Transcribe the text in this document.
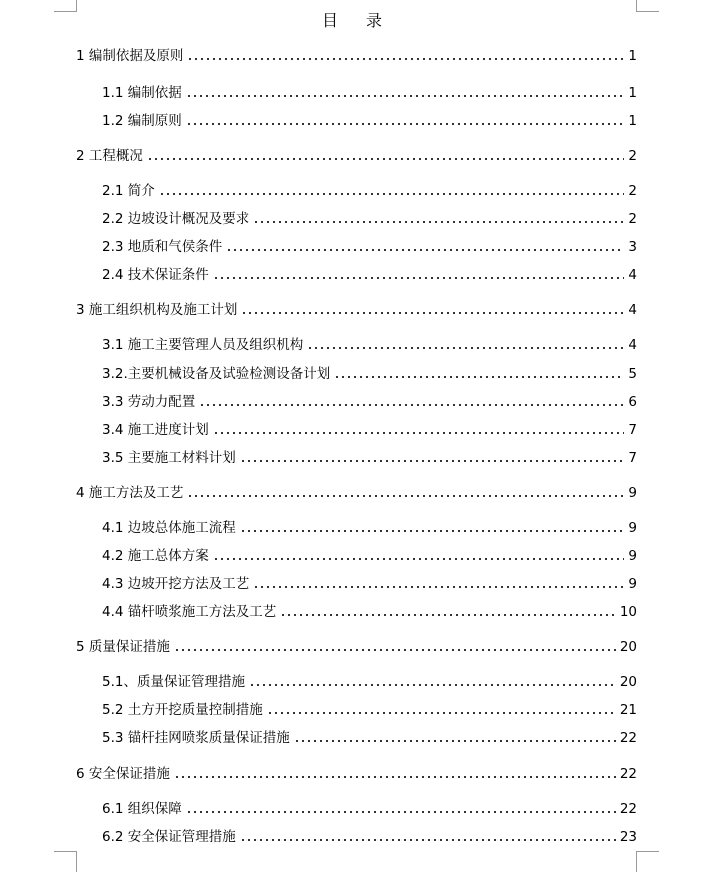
目录
1 编制依据及原则	1
1.1 编制依据	1
1.2 编制原则	1
2 工程概况	2
2.1 简介	2
2.2 边坡设计概况及要求	2
2.3 地质和气侯条件	3
2.4 技术保证条件	4
3 施工组织机构及施工计划	4
3.1 施工主要管理人员及组织机构	4
3.2.主要机械设备及试验检测设备计划	5
3.3 劳动力配置	6
3.4 施工进度计划	7
3.5 主要施工材料计划	7
4 施工方法及工艺	9
4.1 边坡总体施工流程	9
4.2 施工总体方案	9
4.3 边坡开挖方法及工艺	9
4.4 锚杆喷浆施工方法及工艺	10
5 质量保证措施	20
5.1、质量保证管理措施	20
5.2 土方开挖质量控制措施	21
5.3 锚杆挂网喷浆质量保证措施	22
6 安全保证措施	22
6.1 组织保障	22
6.2 安全保证管理措施	23
